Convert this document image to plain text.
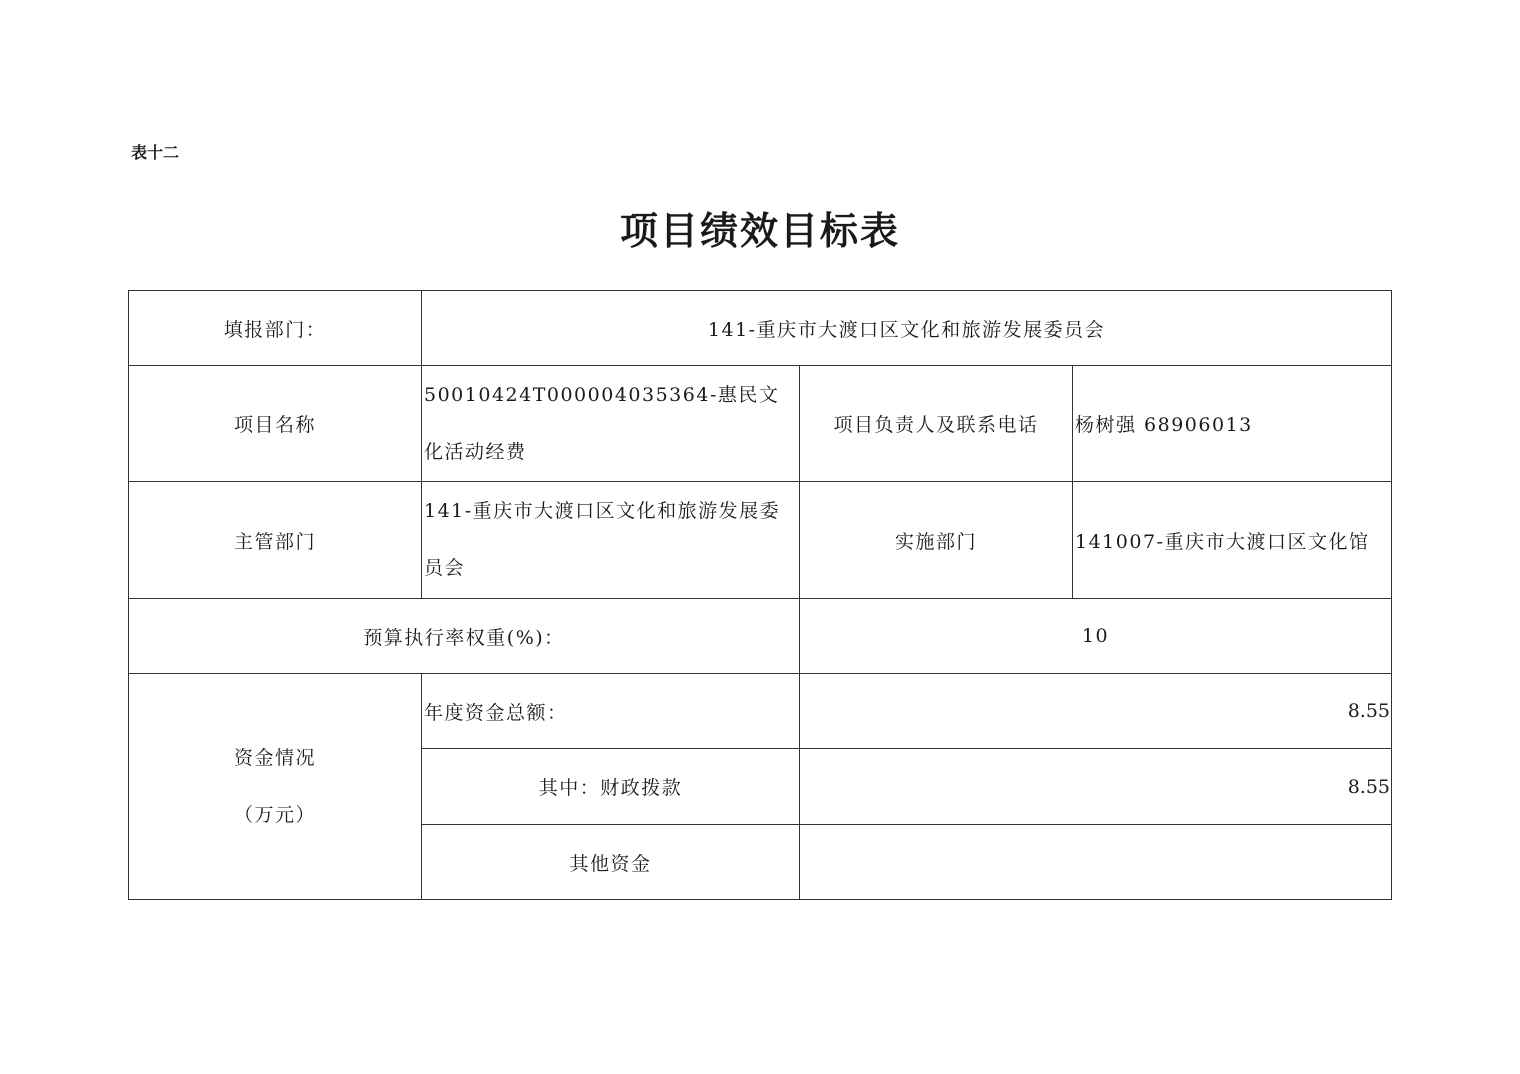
表十二
项目绩效目标表
填报部门：	141-重庆市大渡口区文化和旅游发展委员会		
项目名称	50010424T000004035364-惠民文化活动经费	项目负责人及联系电话	杨树强 68906013
主管部门	141-重庆市大渡口区文化和旅游发展委员会	实施部门	141007-重庆市大渡口区文化馆
预算执行率权重(%)：		10	

资金情况
（万元）	年度资金总额：	8.55	
	其中：财政拨款	8.55	
	其他资金		
